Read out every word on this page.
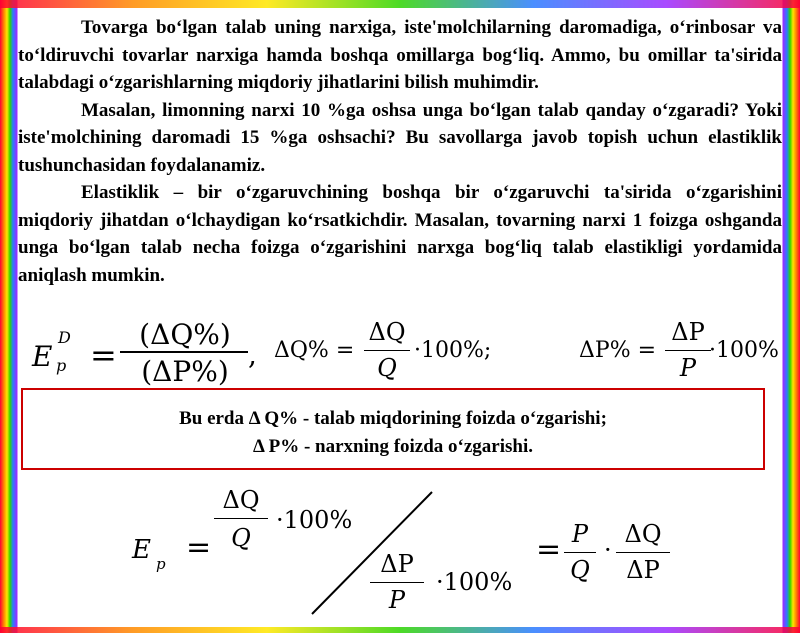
Tovarga bo‘lgan talab uning narxiga, iste'molchilarning daromadiga, o‘rinbosar va to‘ldiruvchi tovarlar narxiga hamda boshqa omillarga bog‘liq. Ammo, bu omillar ta'sirida talabdagi o‘zgarishlarning miqdoriy jihatlarini bilish muhimdir.

Masalan, limonning narxi 10 %ga oshsa unga bo‘lgan talab qanday o‘zgaradi? Yoki iste'molchining daromadi 15 %ga oshsachi? Bu savollarga javob topish uchun elastiklik tushunchasidan foydalanamiz.

Elastiklik – bir o‘zgaruvchining boshqa bir o‘zgaruvchi ta'sirida o‘zgarishini miqdoriy jihatdan o‘lchaydigan ko‘rsatkichdir. Masalan, tovarning narxi 1 foizga oshganda unga bo‘lgan talab necha foizga o‘zgarishini narxga bog‘liq talab elastikligi yordamida aniqlash mumkin.

E
D
p =
(ΔQ%)
(ΔP%)
, ΔQ% =
ΔQ
Q
·100%;	ΔP% =
ΔP
P
·100%
Bu erda Δ Q% - talab miqdorining foizda o‘zgarishi;
Δ P% - narxning foizda o‘zgarishi.
E p =
ΔQ
Q
·100%
ΔP
P
·100%
= P
Q
·
ΔQ
ΔP
